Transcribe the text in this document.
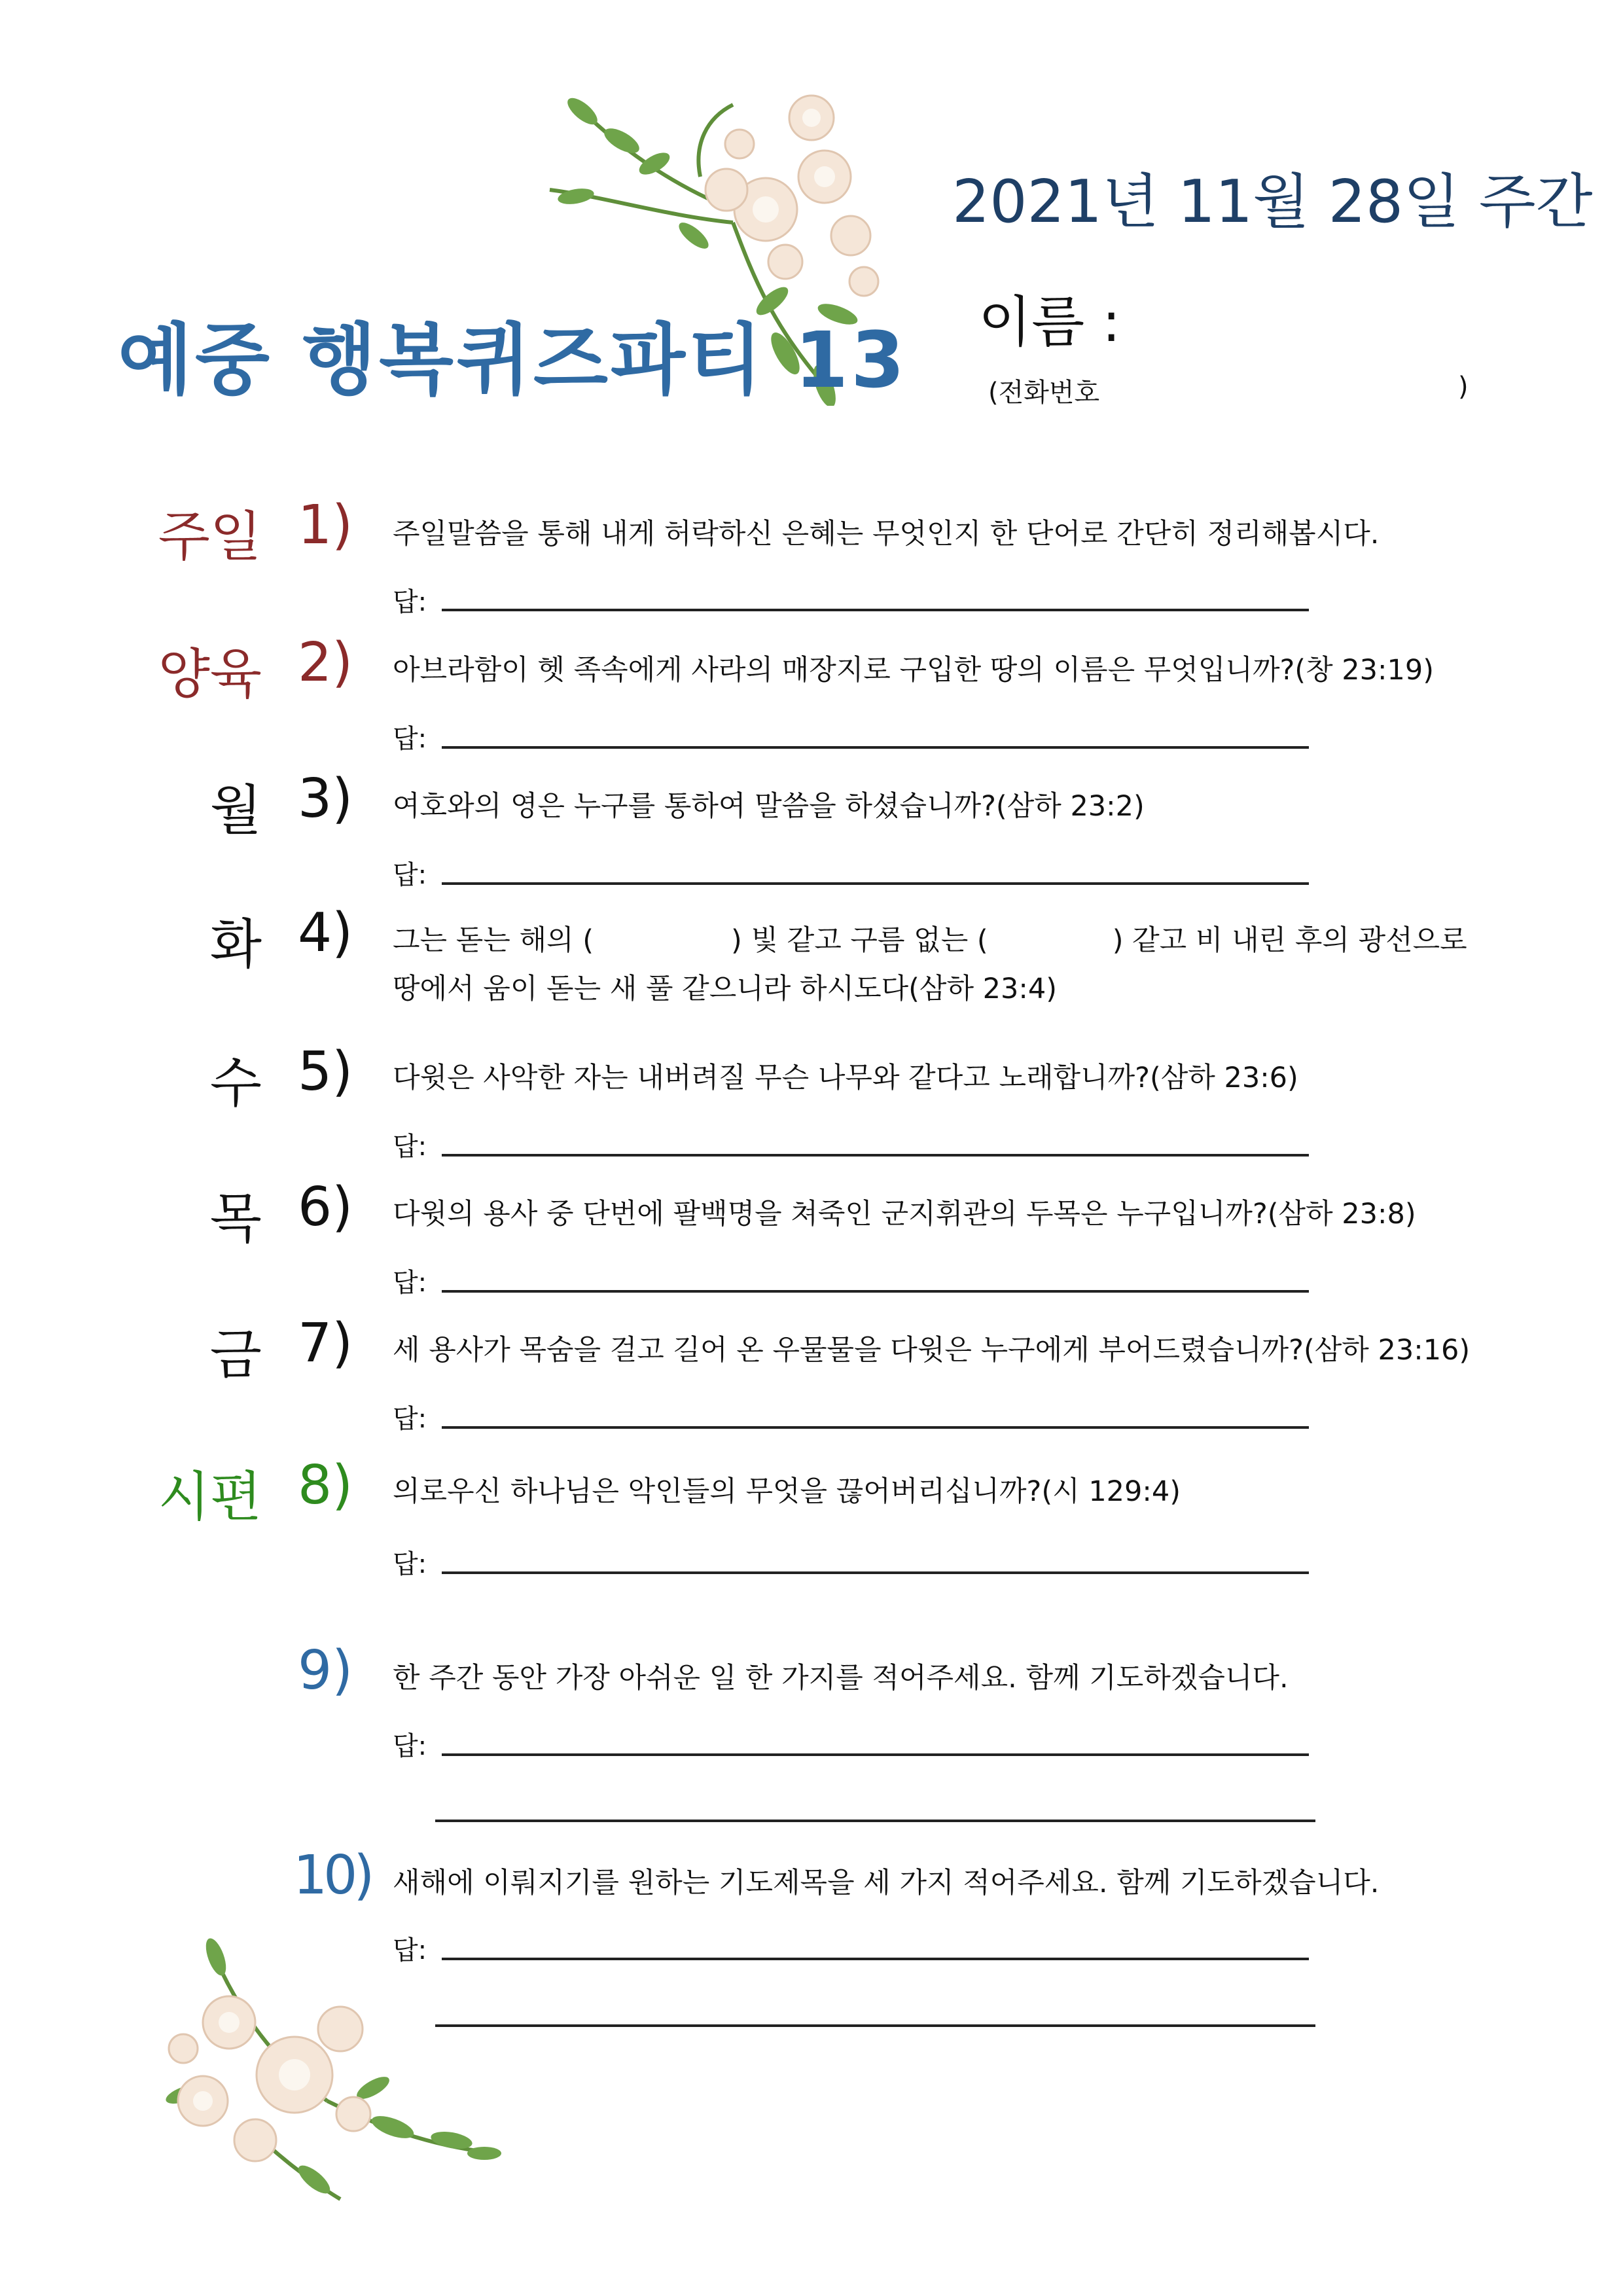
예중 행복퀴즈파티 13
2021년 11월 28일 주간
이름 :
(전화번호	)
주일 1) 주일말씀을 통해 내게 허락하신 은혜는 무엇인지 한 단어로 간단히 정리해봅시다.
답:
양육 2) 아브라함이 헷 족속에게 사라의 매장지로 구입한 땅의 이름은 무엇입니까?(창 23:19)
답:
월 3) 여호와의 영은 누구를 통하여 말씀을 하셨습니까?(삼하 23:2)
답:
화 4) 그는 돋는 해의 (	) 빛 같고 구름 없는 (	) 같고 비 내린 후의 광선으로
땅에서 움이 돋는 새 풀 같으니라 하시도다(삼하 23:4)
수 5) 다윗은 사악한 자는 내버려질 무슨 나무와 같다고 노래합니까?(삼하 23:6)
답:
목 6) 다윗의 용사 중 단번에 팔백명을 쳐죽인 군지휘관의 두목은 누구입니까?(삼하 23:8)
답:
금 7) 세 용사가 목숨을 걸고 길어 온 우물물을 다윗은 누구에게 부어드렸습니까?(삼하 23:16)
답:
시편 8) 의로우신 하나님은 악인들의 무엇을 끊어버리십니까?(시 129:4)
답:
9) 한 주간 동안 가장 아쉬운 일 한 가지를 적어주세요. 함께 기도하겠습니다.
답:
10) 새해에 이뤄지기를 원하는 기도제목을 세 가지 적어주세요. 함께 기도하겠습니다.
답:
